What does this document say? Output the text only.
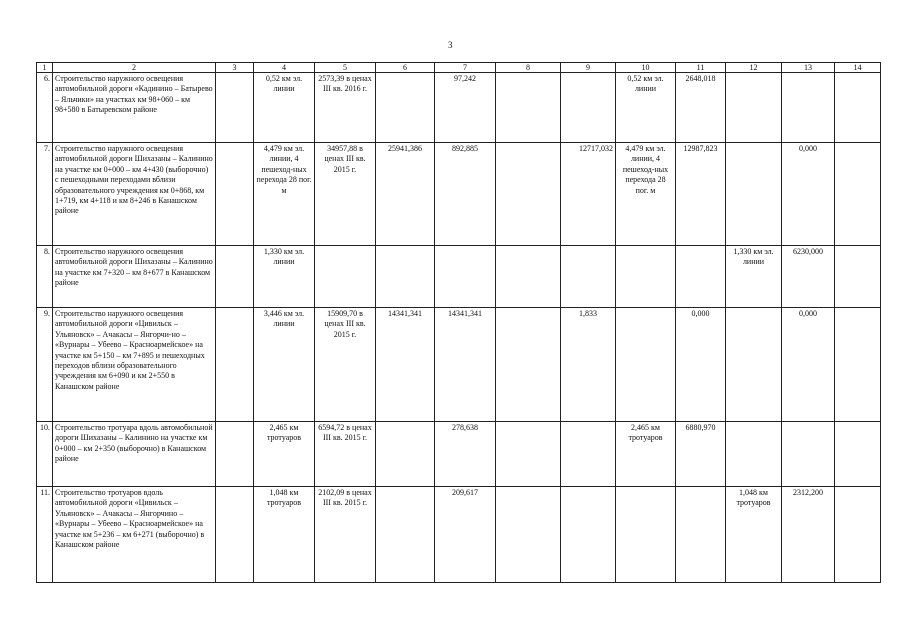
3
1	2	3	4	5	6	7	8	9	10	11	12	13	14
6.	Строительство наружного освещения автомобильной дороги «Кадинино – Батырево – Яльчики» на участках км 98+060 – км 98+580 в Батыревском районе		0,52 км эл. линии	2573,39 в ценах III кв. 2016 г.		97,242			0,52 км эл. линии	2648,018			
7.	Строительство наружного освещения автомобильной дороги Шихазаны – Калинино на участке км 0+000 – км 4+430 (выборочно) с пешеходными переходами вблизи образовательного учреждения км 0+868, км 1+719, км 4+118 и км 8+246 в Канашском районе		4,479 км эл. линии, 4 пешеход-ных перехода 28 пог. м	34957,88 в ценах III кв. 2015 г.	25941,386	892,885		12717,032	4,479 км эл. линии, 4 пешеход-ных перехода 28 пог. м	12987,823		0,000	
8.	Строительство наружного освещения автомобильной дороги Шихазаны – Калинино на участке км 7+320 – км 8+677 в Канашском районе		1,330 км эл. линии								1,330 км эл. линии	6230,000	
9.	Строительство наружного освещения автомобильной дороги «Цивильск – Ульяновск» – Ачакасы – Янгорчи-но – «Вурнары – Убеево – Красноармейское» на участке км 5+150 – км 7+895 и пешеходных переходов вблизи образовательного учреждения км 6+090 и км 2+550 в Канашском районе		3,446 км эл. линии	15909,70 в ценах III кв. 2015 г.	14341,341	14341,341		1,833		0,000		0,000	
10.	Строительство тротуара вдоль автомобильной дороги Шихазаны – Калинино на участке км 0+000 – км 2+350 (выборочно) в Канашском районе		2,465 км тротуаров	6594,72 в ценах III кв. 2015 г.		278,638			2,465 км тротуаров	6880,970			
11.	Строительство тротуаров вдоль автомобильной дороги «Цивильск – Ульяновск» – Ачакасы – Янгорчино – «Вурнары – Убеево – Красноармейское» на участке км 5+236 – км 6+271 (выборочно) в Канашском районе		1,048 км тротуаров	2102,09 в ценах III кв. 2015 г.		209,617					1,048 км тротуаров	2312,200	
